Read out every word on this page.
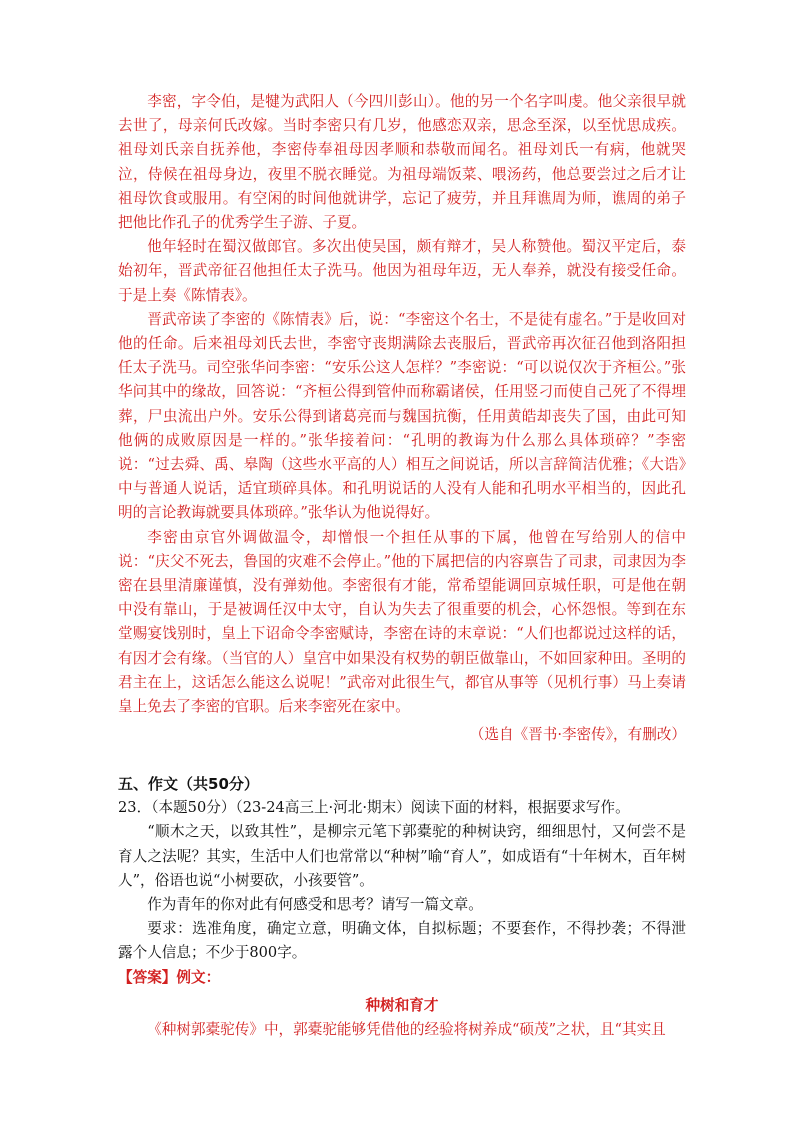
李密，字令伯，是犍为武阳人（今四川彭山）。他的另一个名字叫虔。他父亲很早就去世了，母亲何氏改嫁。当时李密只有几岁，他感恋双亲，思念至深，以至忧思成疾。祖母刘氏亲自抚养他，李密侍奉祖母因孝顺和恭敬而闻名。祖母刘氏一有病，他就哭泣，侍候在祖母身边，夜里不脱衣睡觉。为祖母端饭菜、喂汤药，他总要尝过之后才让祖母饮食或服用。有空闲的时间他就讲学，忘记了疲劳，并且拜谯周为师，谯周的弟子把他比作孔子的优秀学生子游、子夏。

他年轻时在蜀汉做郎官。多次出使吴国，颇有辩才，吴人称赞他。蜀汉平定后，泰始初年，晋武帝征召他担任太子洗马。他因为祖母年迈，无人奉养，就没有接受任命。于是上奏《陈情表》。

晋武帝读了李密的《陈情表》后，说：“李密这个名士，不是徒有虚名。”于是收回对他的任命。后来祖母刘氏去世，李密守丧期满除去丧服后，晋武帝再次征召他到洛阳担任太子洗马。司空张华问李密：“安乐公这人怎样？”李密说：“可以说仅次于齐桓公。”张华问其中的缘故，回答说：“齐桓公得到管仲而称霸诸侯，任用竖刁而使自己死了不得埋葬，尸虫流出户外。安乐公得到诸葛亮而与魏国抗衡，任用黄皓却丧失了国，由此可知他俩的成败原因是一样的。”张华接着问：“孔明的教诲为什么那么具体琐碎？”李密说：“过去舜、禹、皋陶（这些水平高的人）相互之间说话，所以言辞简洁优雅；《大诰》中与普通人说话，适宜琐碎具体。和孔明说话的人没有人能和孔明水平相当的，因此孔明的言论教诲就要具体琐碎。”张华认为他说得好。

李密由京官外调做温令，却憎恨一个担任从事的下属，他曾在写给别人的信中说：“庆父不死去，鲁国的灾难不会停止。”他的下属把信的内容禀告了司隶，司隶因为李密在县里清廉谨慎，没有弹劾他。李密很有才能，常希望能调回京城任职，可是他在朝中没有靠山，于是被调任汉中太守，自认为失去了很重要的机会，心怀怨恨。等到在东堂赐宴饯别时，皇上下诏命令李密赋诗，李密在诗的末章说：“人们也都说过这样的话，有因才会有缘。（当官的人）皇宫中如果没有权势的朝臣做靠山，不如回家种田。圣明的君主在上，这话怎么能这么说呢！”武帝对此很生气，都官从事等（见机行事）马上奏请皇上免去了李密的官职。后来李密死在家中。

（选自《晋书·李密传》，有删改）

五、作文（共50分）

23．（本题50分）（23-24高三上·河北·期末）阅读下面的材料，根据要求写作。

“顺木之天，以致其性”，是柳宗元笔下郭橐驼的种树诀窍，细细思忖，又何尝不是育人之法呢？其实，生活中人们也常常以“种树”喻“育人”，如成语有“十年树木，百年树人”，俗语也说“小树要砍，小孩要管”。

作为青年的你对此有何感受和思考？请写一篇文章。

要求：选准角度，确定立意，明确文体，自拟标题；不要套作，不得抄袭；不得泄露个人信息；不少于800字。

【答案】例文：

种树和育才

《种树郭橐驼传》中，郭橐驼能够凭借他的经验将树养成“硕茂”之状，且“其实且
